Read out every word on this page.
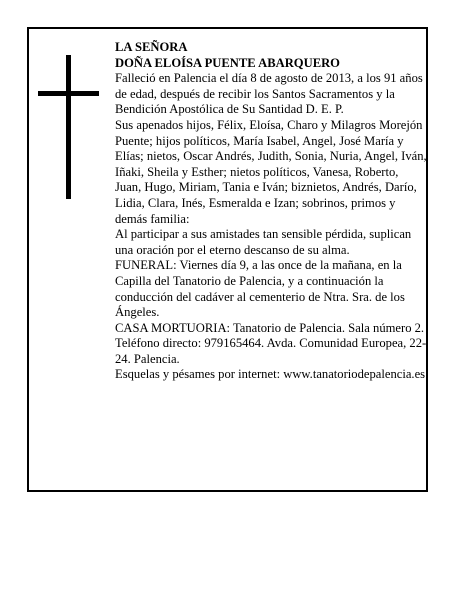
LA SEÑORA

DOÑA ELOÍSA PUENTE ABARQUERO

Falleció en Palencia el día 8 de agosto de 2013, a los 91 años de edad, después de recibir los Santos Sacramentos y la Bendición Apostólica de Su Santidad D. E. P.

Sus apenados hijos, Félix, Eloísa, Charo y Milagros Morejón Puente; hijos políticos, María Isabel, Angel, José María y Elías; nietos, Oscar Andrés, Judith, Sonia, Nuria, Angel, Iván, Iñaki, Sheila y Esther; nietos políticos, Vanesa, Roberto, Juan, Hugo, Miriam, Tania e Iván; biznietos, Andrés, Darío, Lidia, Clara, Inés, Esmeralda e Izan; sobrinos, primos y demás familia:

Al participar a sus amistades tan sensible pérdida, suplican una oración por el eterno descanso de su alma.

FUNERAL: Viernes día 9, a las once de la mañana, en la Capilla del Tanatorio de Palencia, y a continuación la conducción del cadáver al cementerio de Ntra. Sra. de los Ángeles.

CASA MORTUORIA: Tanatorio de Palencia. Sala número 2. Teléfono directo: 979165464. Avda. Comunidad Europea, 22-24. Palencia.

Esquelas y pésames por internet: www.tanatoriodepalencia.es
